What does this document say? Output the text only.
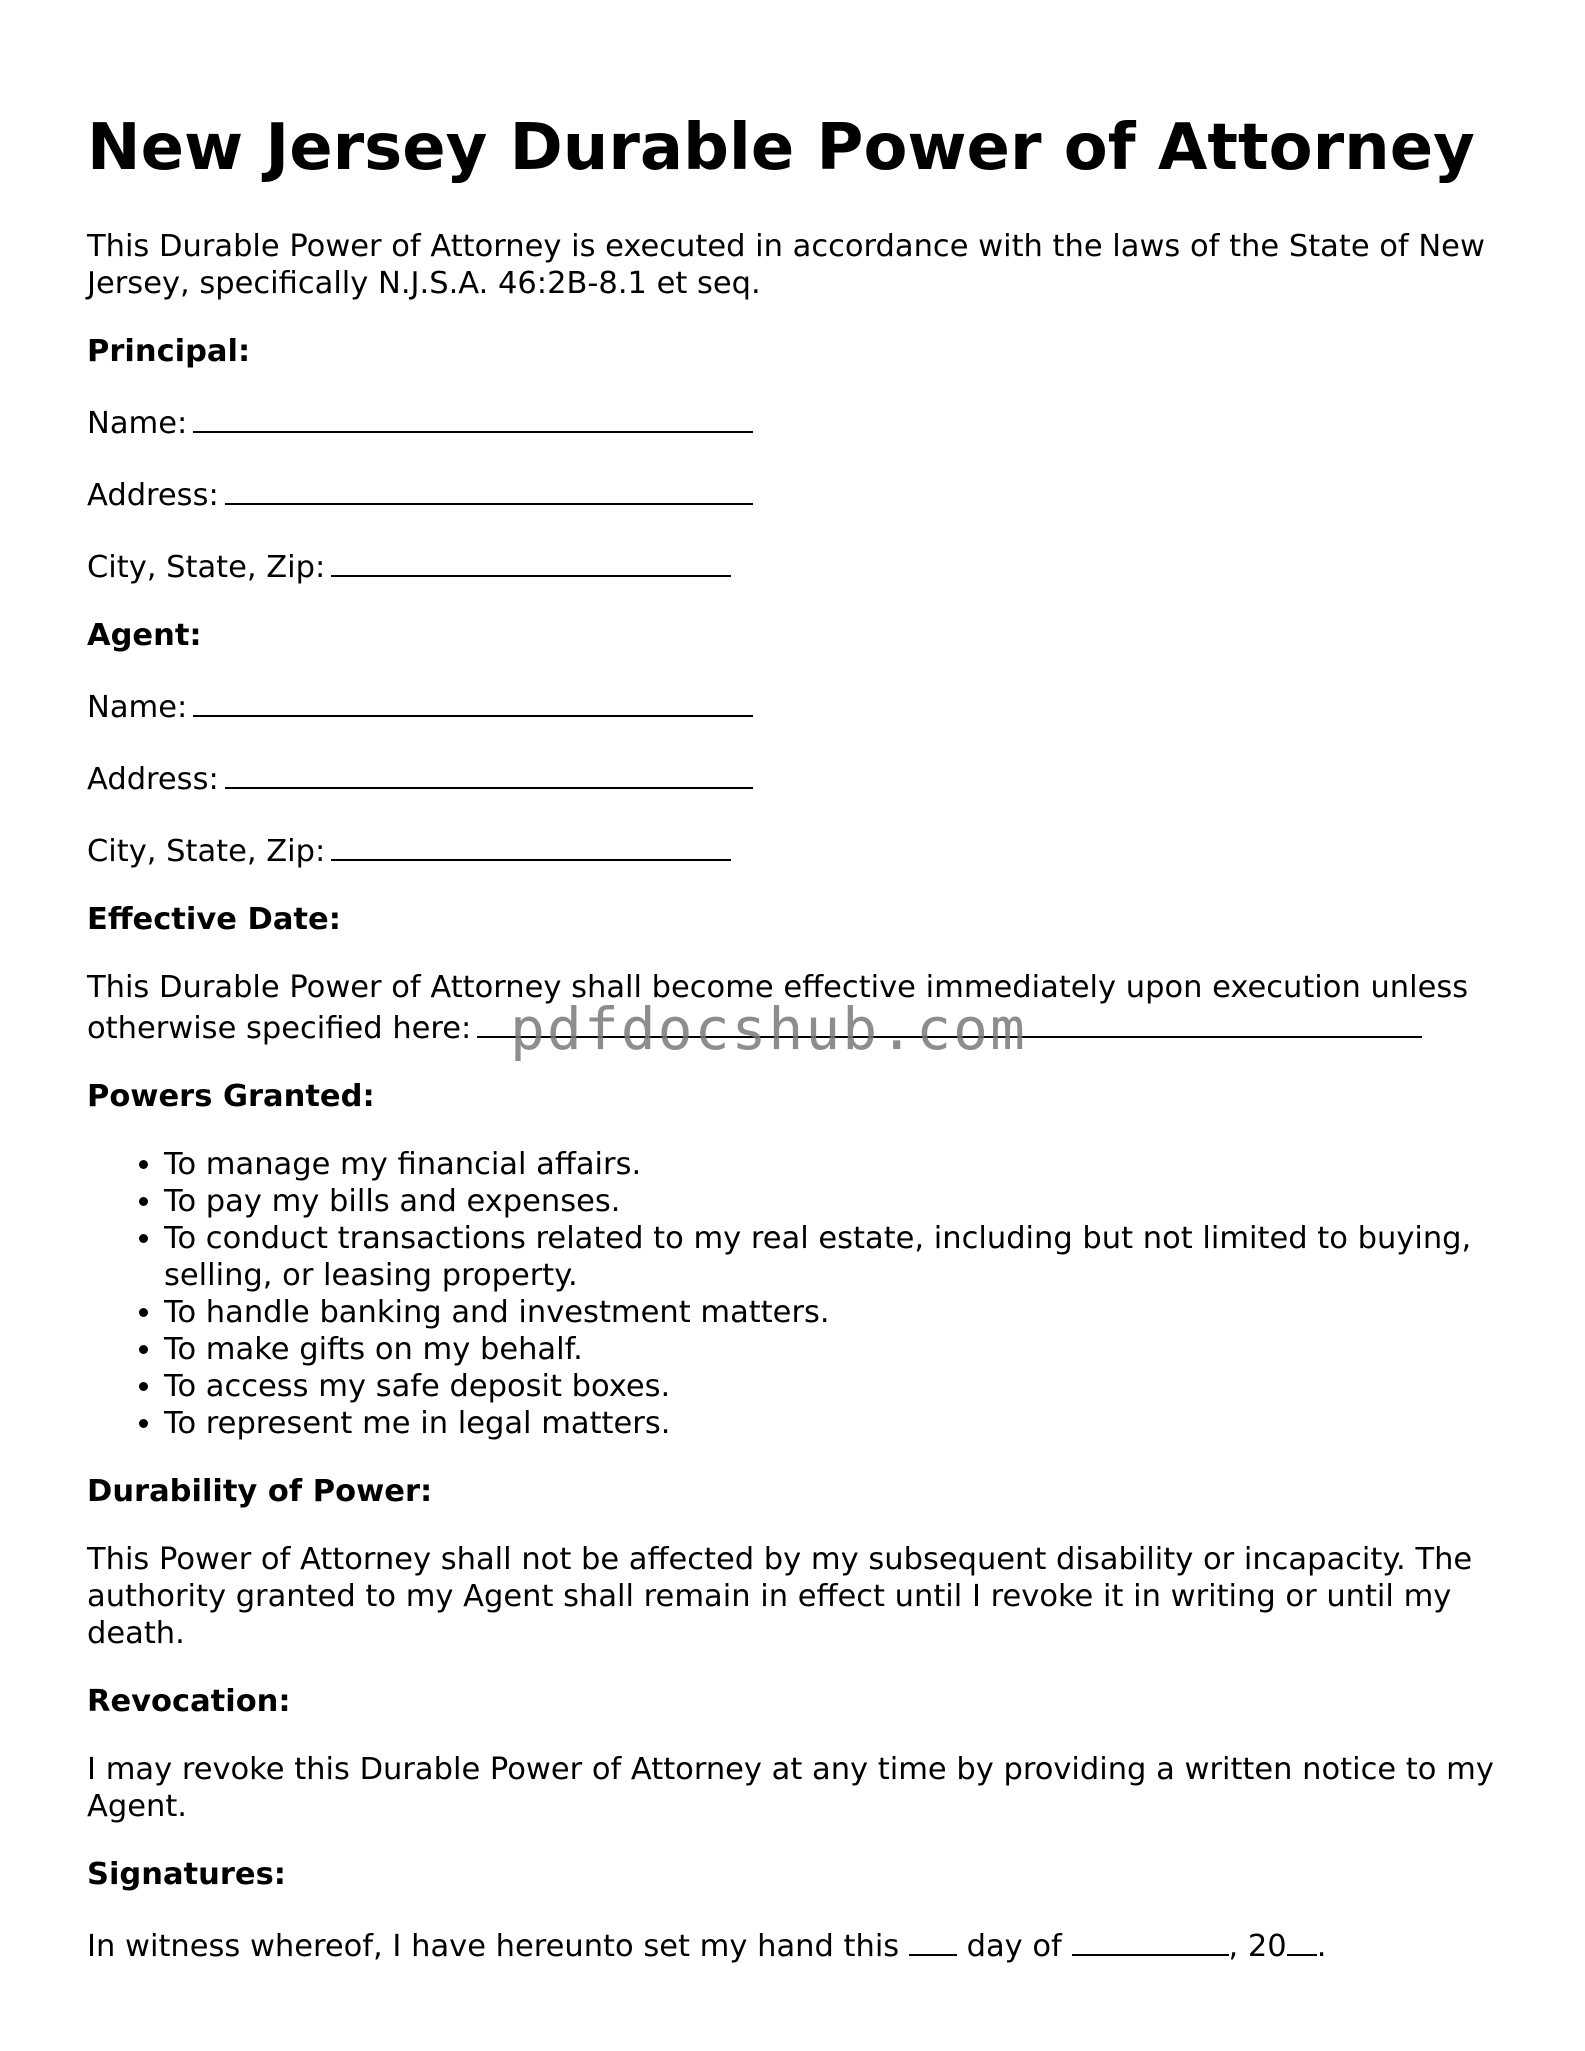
New Jersey Durable Power of Attorney

This Durable Power of Attorney is executed in accordance with the laws of the State of New Jersey, specifically N.J.S.A. 46:2B-8.1 et seq.

Principal:

Name:

Address:

City, State, Zip:

Agent:

Name:

Address:

City, State, Zip:

Effective Date:

This Durable Power of Attorney shall become effective immediately upon execution unless otherwise specified here:

Powers Granted:

• To manage my financial affairs.
• To pay my bills and expenses.
• To conduct transactions related to my real estate, including but not limited to buying, selling, or leasing property.
• To handle banking and investment matters.
• To make gifts on my behalf.
• To access my safe deposit boxes.
• To represent me in legal matters.

Durability of Power:

This Power of Attorney shall not be affected by my subsequent disability or incapacity. The authority granted to my Agent shall remain in effect until I revoke it in writing or until my death.

Revocation:

I may revoke this Durable Power of Attorney at any time by providing a written notice to my Agent.

Signatures:

In witness whereof, I have hereunto set my hand this day of	, 20 .

pdfdocshub.com
